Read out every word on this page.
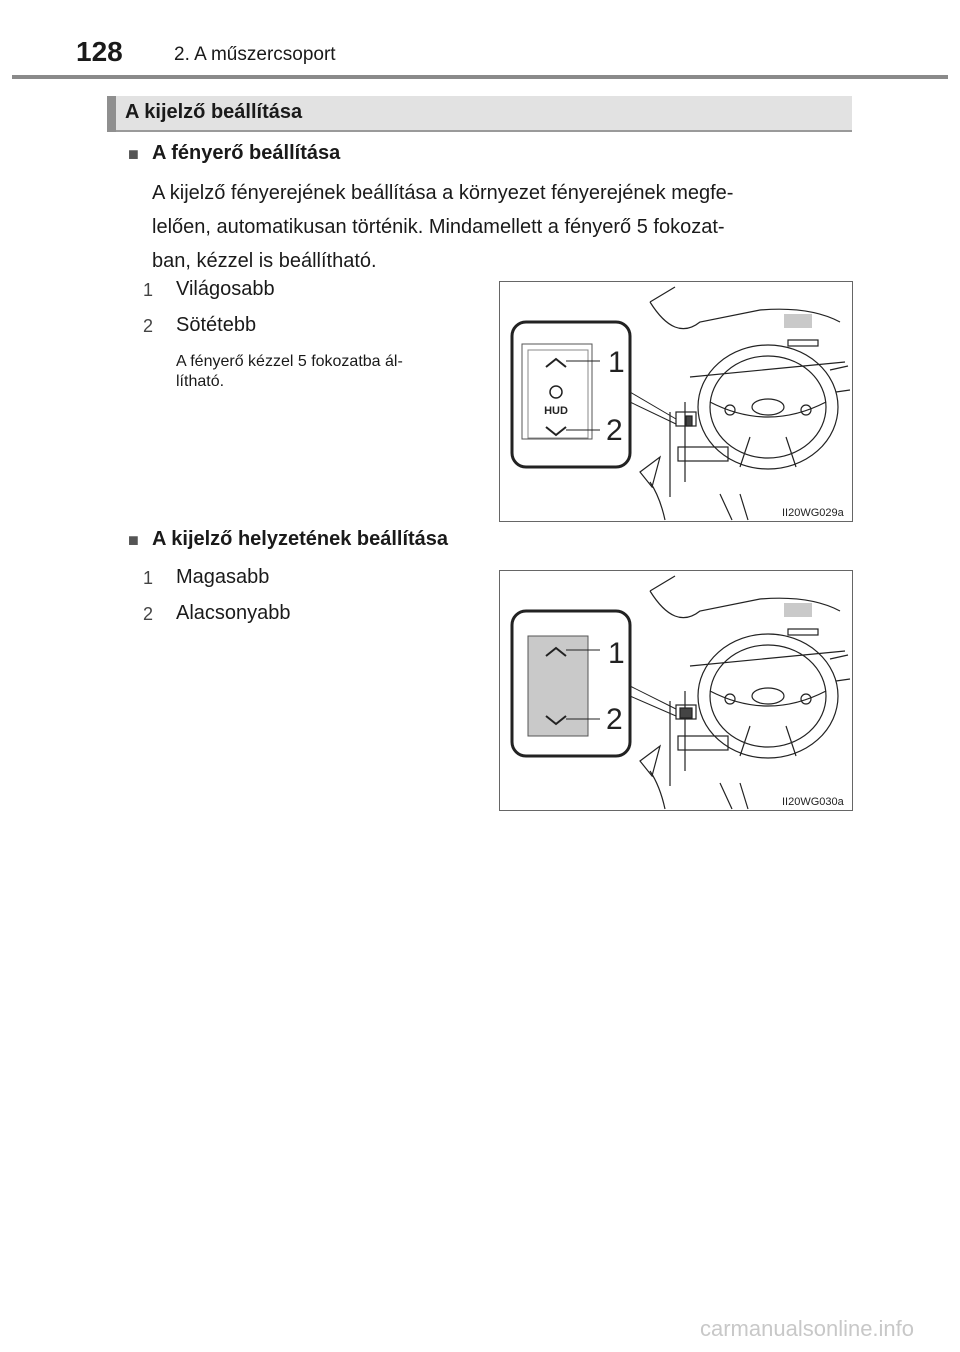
128	2. A műszercsoport
A kijelző beállítása
■ A fényerő beállítása
A kijelző fényerejének beállítása a környezet fényerejének megfe-
lelően, automatikusan történik. Mindamellett a fényerő 5 fokozat-
ban, kézzel is beállítható.
1 Világosabb
2 Sötétebb
A fényerő kézzel 5 fokozatba ál-
lítható.
HUD
1
2
II20WG029a
■ A kijelző helyzetének beállítása
1 Magasabb
2 Alacsonyabb
1
2
II20WG030a
carmanualsonline.info
